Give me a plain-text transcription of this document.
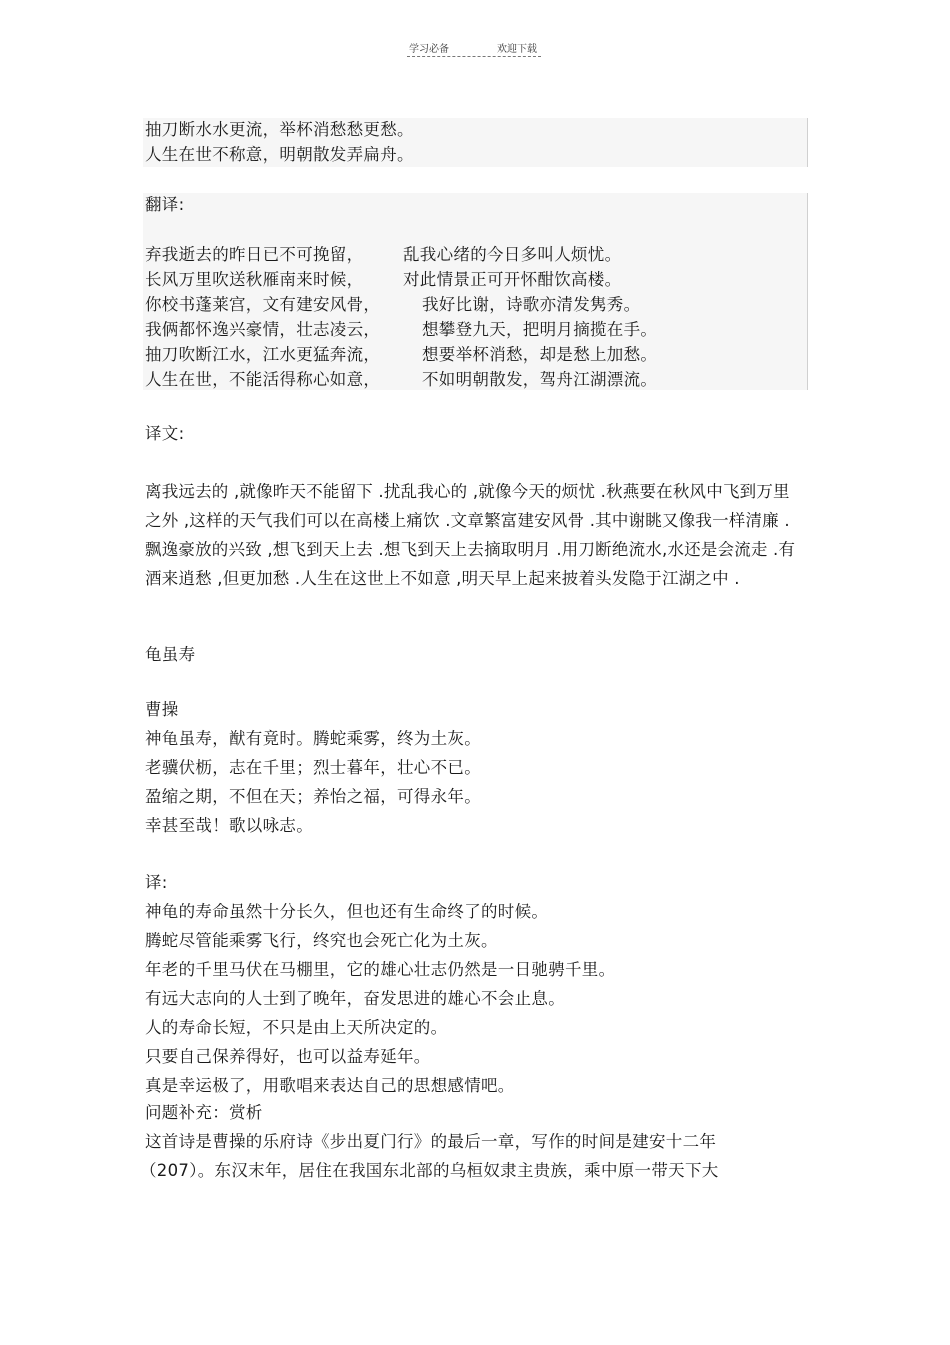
学习必备	欢迎下载
抽刀断水水更流，举杯消愁愁更愁。
人生在世不称意，明朝散发弄扁舟。
翻译:
弃我逝去的昨日已不可挽留， 乱我心绪的今日多叫人烦忧。
长风万里吹送秋雁南来时候， 对此情景正可开怀酣饮高楼。
你校书蓬莱宫，文有建安风骨，	我好比谢，诗歌亦清发隽秀。
我俩都怀逸兴豪情，壮志凌云，	想攀登九天，把明月摘揽在手。
抽刀吹断江水，江水更猛奔流，	想要举杯消愁，却是愁上加愁。
人生在世，不能活得称心如意，	不如明朝散发，驾舟江湖漂流。
译文:
离我远去的 ,就像昨天不能留下 .扰乱我心的 ,就像今天的烦忧 .秋燕要在秋风中飞到万里之外 ,这样的天气我们可以在高楼上痛饮 .文章繁富建安风骨 .其中谢眺又像我一样清廉 .飘逸豪放的兴致 ,想飞到天上去 .想飞到天上去摘取明月 .用刀断绝流水,水还是会流走 .有酒来逍愁 ,但更加愁 .人生在这世上不如意 ,明天早上起来披着头发隐于江湖之中 .
龟虽寿
曹操
神龟虽寿，猷有竟时。腾蛇乘雾，终为土灰。
老骥伏枥，志在千里；烈士暮年，壮心不已。
盈缩之期，不但在天；养怡之福，可得永年。
幸甚至哉！歌以咏志。
译:
神龟的寿命虽然十分长久，但也还有生命终了的时候。
腾蛇尽管能乘雾飞行，终究也会死亡化为土灰。
年老的千里马伏在马棚里，它的雄心壮志仍然是一日驰骋千里。
有远大志向的人士到了晚年，奋发思进的雄心不会止息。
人的寿命长短，不只是由上天所决定的。
只要自己保养得好，也可以益寿延年。
真是幸运极了，用歌唱来表达自己的思想感情吧。
问题补充：赏析
这首诗是曹操的乐府诗《步出夏门行》的最后一章，写作的时间是建安十二年
（207）。东汉末年，居住在我国东北部的乌桓奴隶主贵族，乘中原一带天下大
